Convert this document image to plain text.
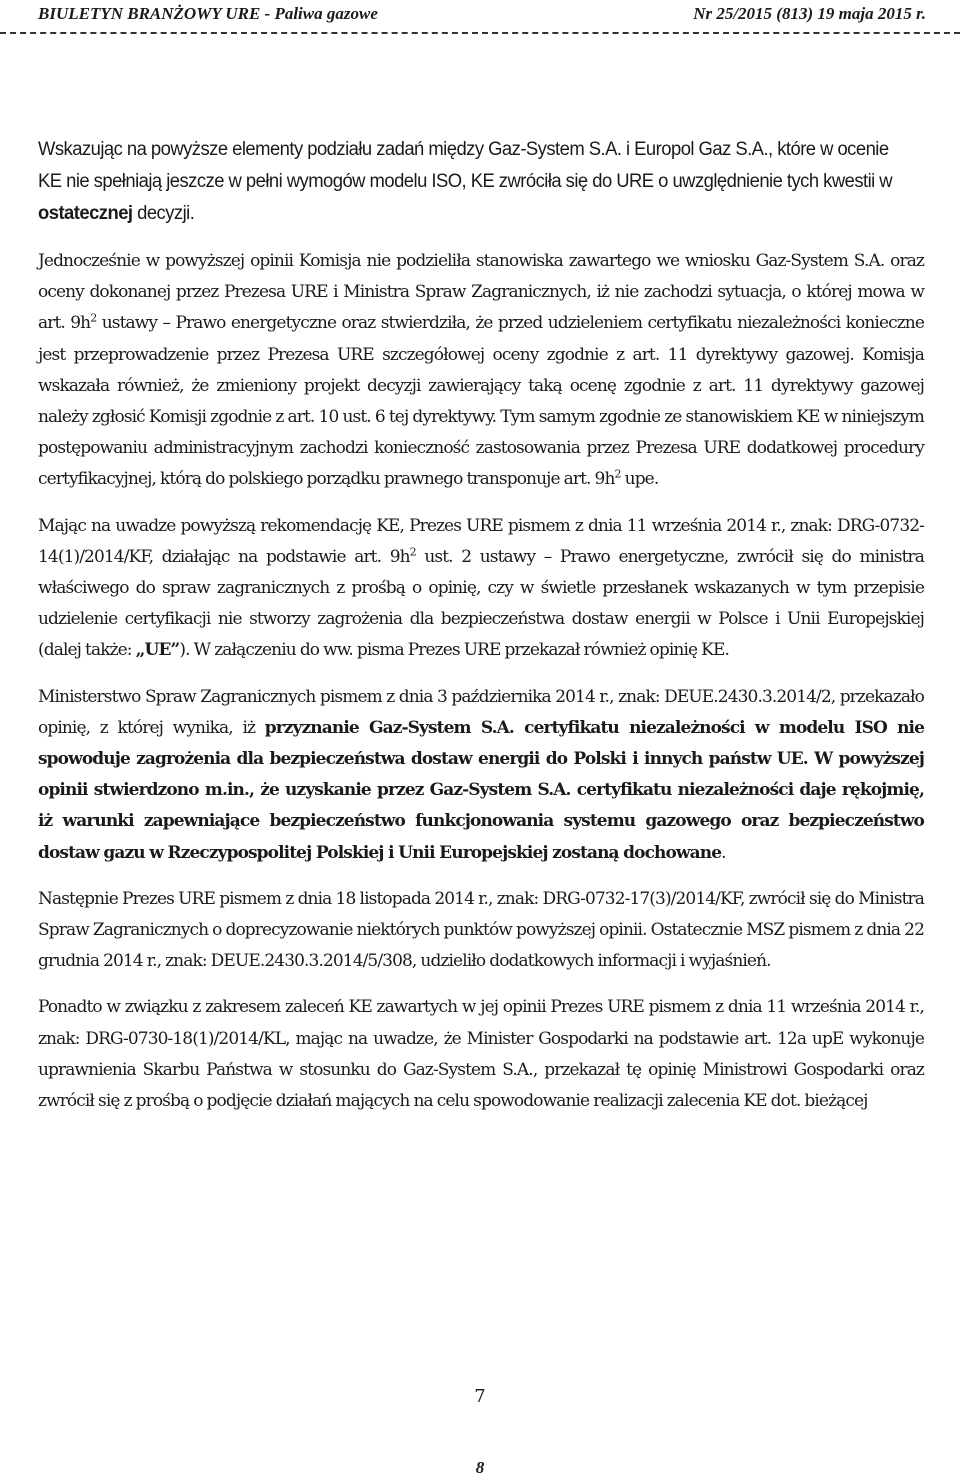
BIULETYN BRANŻOWY URE - Paliwa gazowe	Nr 25/2015 (813) 19 maja 2015 r.
Wskazując na powyższe elementy podziału zadań między Gaz-System S.A. i Europol Gaz S.A., które w ocenie KE nie spełniają jeszcze w pełni wymogów modelu ISO, KE zwróciła się do URE o uwzględnienie tych kwestii w ostatecznej decyzji.

Jednocześnie w powyższej opinii Komisja nie podzieliła stanowiska zawartego we wniosku Gaz-System S.A. oraz oceny dokonanej przez Prezesa URE i Ministra Spraw Zagranicznych, iż nie zachodzi sytuacja, o której mowa w art. $9h^2$ ustawy – Prawo energetyczne oraz stwierdziła, że przed udzieleniem certyfikatu niezależności konieczne jest przeprowadzenie przez Prezesa URE szczegółowej oceny zgodnie z art. 11 dyrektywy gazowej. Komisja wskazała również, że zmieniony projekt decyzji zawierający taką ocenę zgodnie z art. 11 dyrektywy gazowej należy zgłosić Komisji zgodnie z art. 10 ust. 6 tej dyrektywy. Tym samym zgodnie ze stanowiskiem KE w niniejszym postępowaniu administracyjnym zachodzi konieczność zastosowania przez Prezesa URE dodatkowej procedury certyfikacyjnej, którą do polskiego porządku prawnego transponuje art. $9h^2$ upe.

Mając na uwadze powyższą rekomendację KE, Prezes URE pismem z dnia 11 września 2014 r., znak: DRG-0732-14(1)/2014/KF, działając na podstawie art. $9h^2$ ust. 2 ustawy – Prawo energetyczne, zwrócił się do ministra właściwego do spraw zagranicznych z prośbą o opinię, czy w świetle przesłanek wskazanych w tym przepisie udzielenie certyfikacji nie stworzy zagrożenia dla bezpieczeństwa dostaw energii w Polsce i Unii Europejskiej (dalej także: „UE”). W załączeniu do ww. pisma Prezes URE przekazał również opinię KE.

Ministerstwo Spraw Zagranicznych pismem z dnia 3 października 2014 r., znak: DEUE.2430.3.2014/2, przekazało opinię, z której wynika, iż przyznanie Gaz-System S.A. certyfikatu niezależności w modelu ISO nie spowoduje zagrożenia dla bezpieczeństwa dostaw energii do Polski i innych państw UE. W powyższej opinii stwierdzono m.in., że uzyskanie przez Gaz-System S.A. certyfikatu niezależności daje rękojmię, iż warunki zapewniające bezpieczeństwo funkcjonowania systemu gazowego oraz bezpieczeństwo dostaw gazu w Rzeczypospolitej Polskiej i Unii Europejskiej zostaną dochowane.

Następnie Prezes URE pismem z dnia 18 listopada 2014 r., znak: DRG-0732-17(3)/2014/KF, zwrócił się do Ministra Spraw Zagranicznych o doprecyzowanie niektórych punktów powyższej opinii. Ostatecznie MSZ pismem z dnia 22 grudnia 2014 r., znak: DEUE.2430.3.2014/5/308, udzieliło dodatkowych informacji i wyjaśnień.

Ponadto w związku z zakresem zaleceń KE zawartych w jej opinii Prezes URE pismem z dnia 11 września 2014 r., znak: DRG-0730-18(1)/2014/KL, mając na uwadze, że Minister Gospodarki na podstawie art. 12a upE wykonuje uprawnienia Skarbu Państwa w stosunku do Gaz-System S.A., przekazał tę opinię Ministrowi Gospodarki oraz zwrócił się z prośbą o podjęcie działań mających na celu spowodowanie realizacji zalecenia KE dot. bieżącej

7
8
